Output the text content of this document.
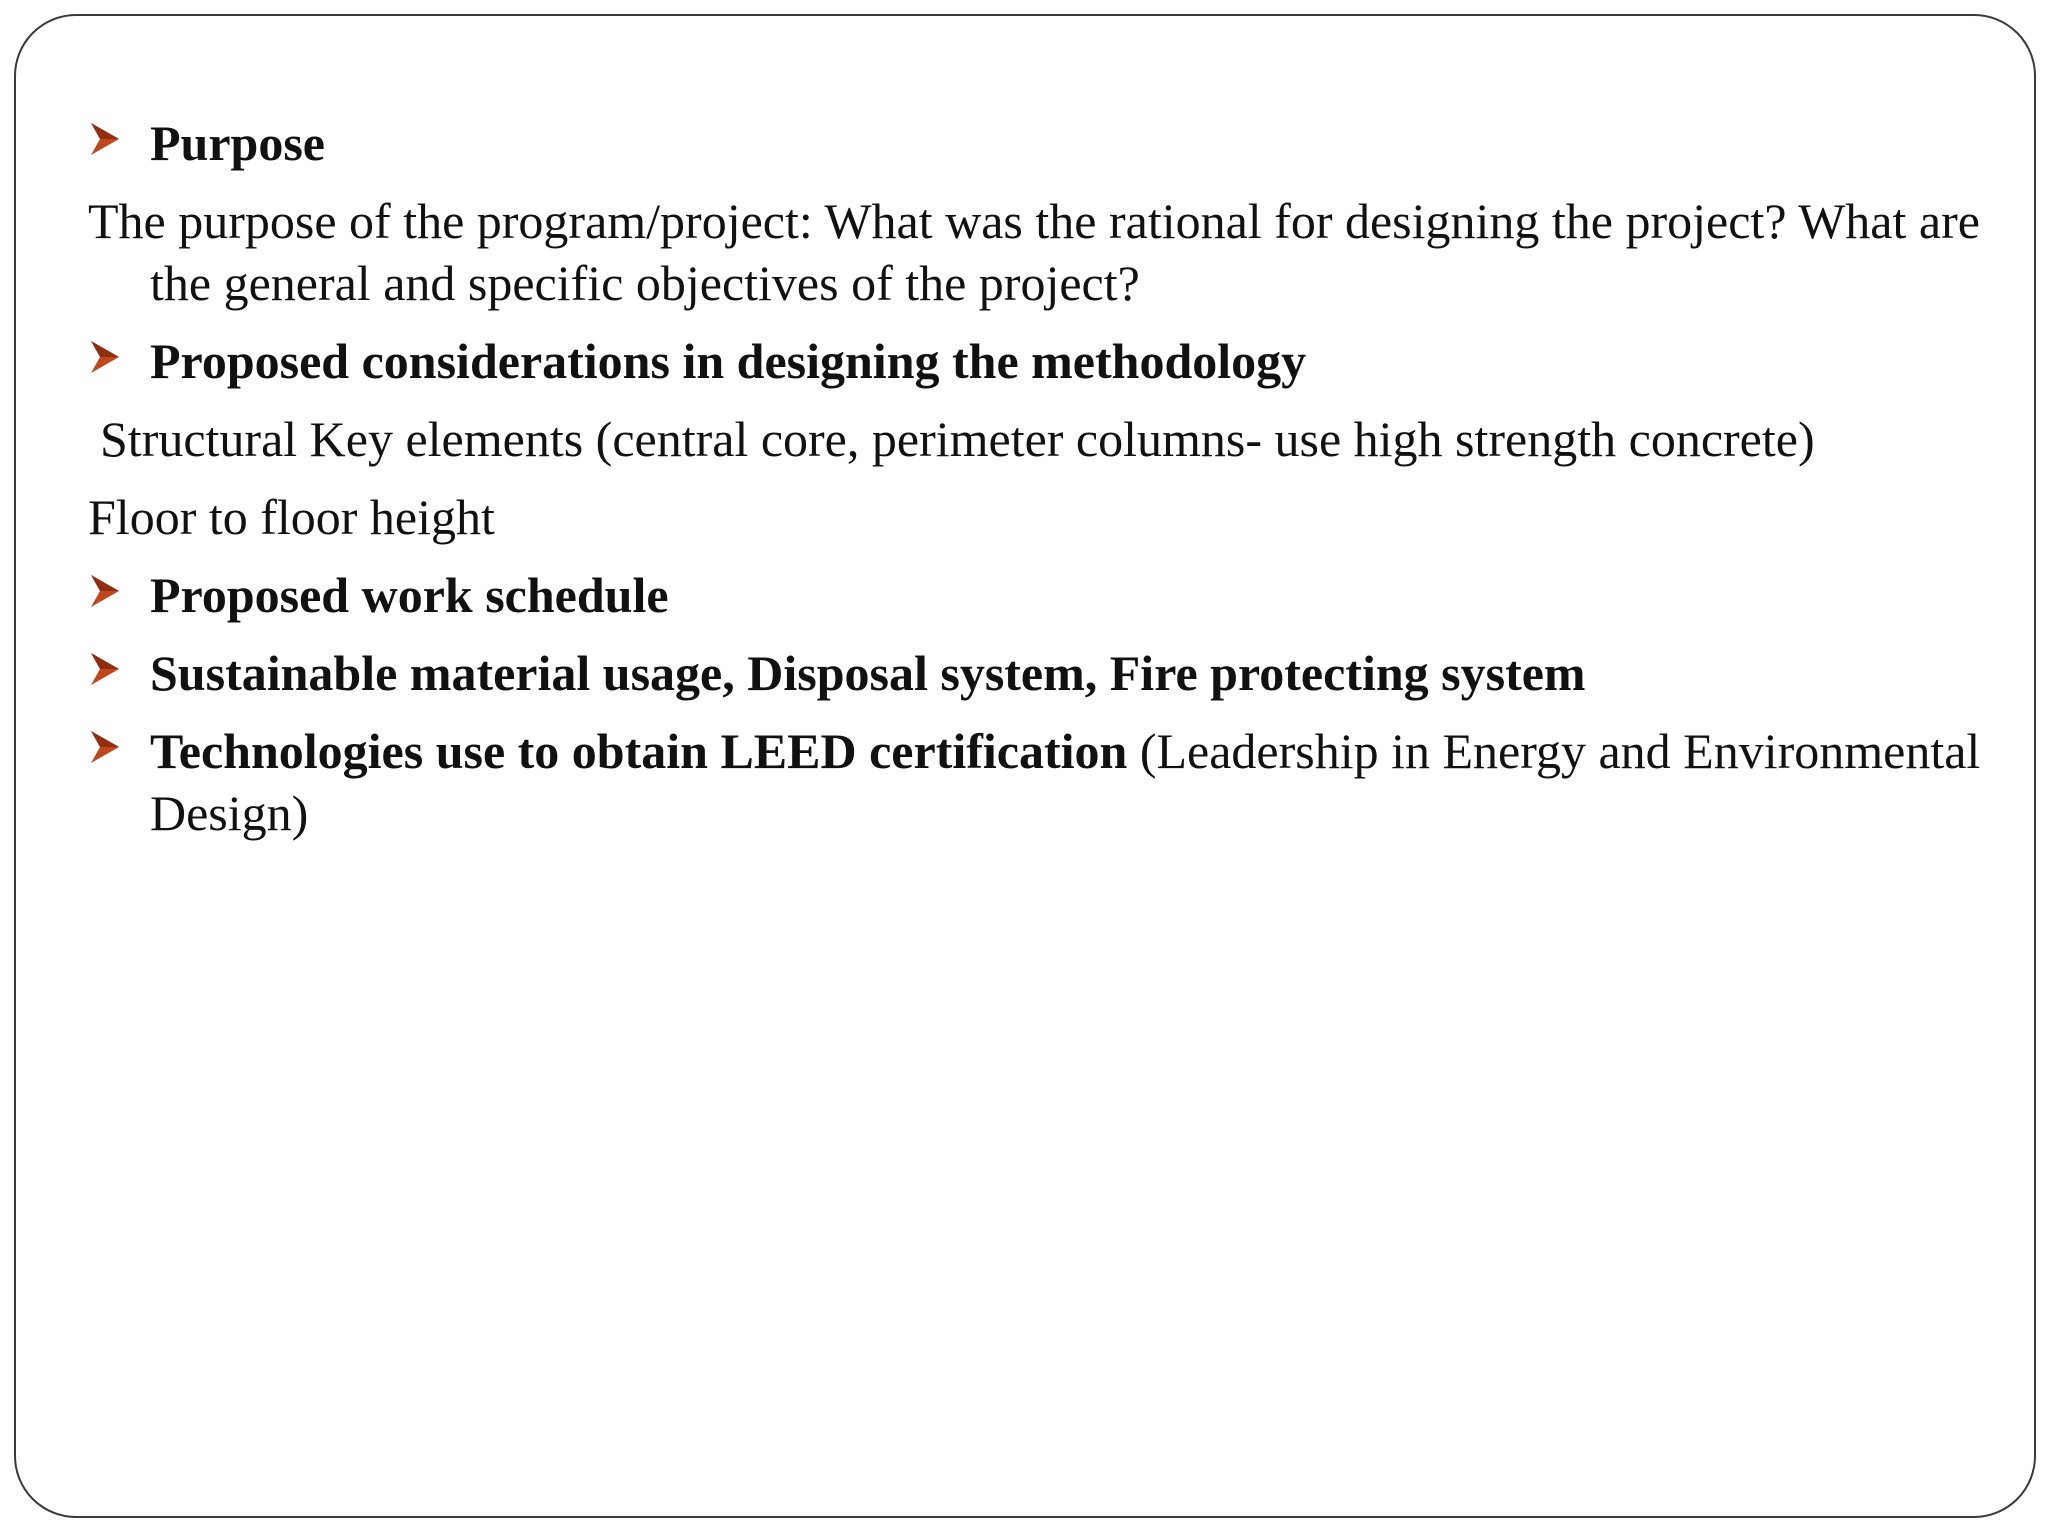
Purpose
The purpose of the program/project: What was the rational for designing the project? What are the general and specific objectives of the project?
Proposed considerations in designing the methodology
Structural Key elements (central core, perimeter columns- use high strength concrete)
Floor to floor height
Proposed work schedule
Sustainable material usage, Disposal system, Fire protecting system
Technologies use to obtain LEED certification (Leadership in Energy and Environmental Design)
